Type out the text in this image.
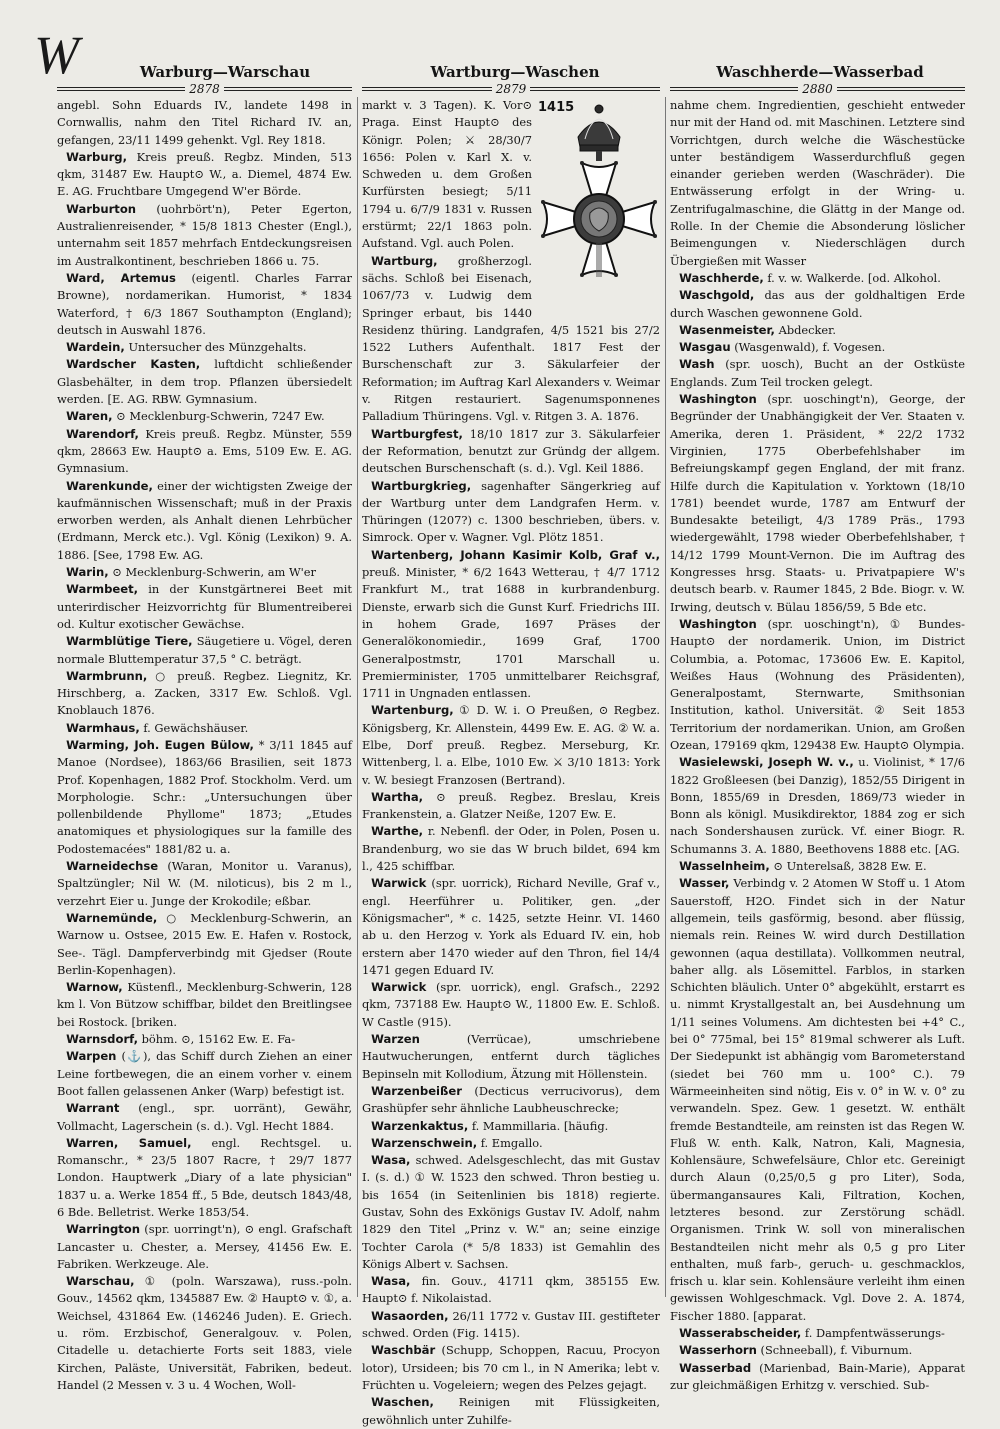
W	Warburg—Warschau	Wartburg—Waschen	Waschherde—Wasserbad
2878	2879	2880

angebl. Sohn Eduards IV., landete 1498 in Cornwallis, nahm den Titel Richard IV. an, gefangen, 23/11 1499 gehenkt. Vgl. Rey 1818.

Warburg, Kreis preuß. Regbz. Minden, 513 qkm, 31487 Ew. Haupt⊙ W., a. Diemel, 4874 Ew. E. AG. Fruchtbare Umgegend W'er Börde.

Warburton (uohrbört'n), Peter Egerton, Australienreisender, * 15/8 1813 Chester (Engl.), unternahm seit 1857 mehrfach Entdeckungsreisen im Australkontinent, beschrieben 1866 u. 75.

Ward, Artemus (eigentl. Charles Farrar Browne), nordamerikan. Humorist, * 1834 Waterford, † 6/3 1867 Southampton (England); deutsch in Auswahl 1876.

Wardein, Untersucher des Münzgehalts.

Wardscher Kasten, luftdicht schließender Glasbehälter, in dem trop. Pflanzen übersiedelt werden. [E. AG. RBW. Gymnasium.

Waren, ⊙ Mecklenburg-Schwerin, 7247 Ew.

Warendorf, Kreis preuß. Regbz. Münster, 559 qkm, 28663 Ew. Haupt⊙ a. Ems, 5109 Ew. E. AG. Gymnasium.

Warenkunde, einer der wichtigsten Zweige der kaufmännischen Wissenschaft; muß in der Praxis erworben werden, als Anhalt dienen Lehrbücher (Erdmann, Merck etc.). Vgl. König (Lexikon) 9. A. 1886. [See, 1798 Ew. AG.

Warin, ⊙ Mecklenburg-Schwerin, am W'er

Warmbeet, in der Kunstgärtnerei Beet mit unterirdischer Heizvorrichtg für Blumentreiberei od. Kultur exotischer Gewächse.

Warmblütige Tiere, Säugetiere u. Vögel, deren normale Bluttemperatur 37,5 ° C. beträgt.

Warmbrunn, ○ preuß. Regbez. Liegnitz, Kr. Hirschberg, a. Zacken, 3317 Ew. Schloß. Vgl. Knoblauch 1876.

Warmhaus, f. Gewächshäuser.

Warming, Joh. Eugen Bülow, * 3/11 1845 auf Manoe (Nordsee), 1863/66 Brasilien, seit 1873 Prof. Kopenhagen, 1882 Prof. Stockholm. Verd. um Morphologie. Schr.: „Untersuchungen über pollenbildende Phyllome" 1873; „Etudes anatomiques et physiologiques sur la famille des Podostemacées" 1881/82 u. a.

Warneidechse (Waran, Monitor u. Varanus), Spaltzüngler; Nil W. (M. niloticus), bis 2 m l., verzehrt Eier u. Junge der Krokodile; eßbar.

Warnemünde, ○ Mecklenburg-Schwerin, an Warnow u. Ostsee, 2015 Ew. E. Hafen v. Rostock, See-. Tägl. Dampferverbindg mit Gjedser (Route Berlin-Kopenhagen).

Warnow, Küstenfl., Mecklenburg-Schwerin, 128 km l. Von Bützow schiffbar, bildet den Breitlingsee bei Rostock. [briken.

Warnsdorf, böhm. ⊙, 15162 Ew. E. Fa-

Warpen (⚓), das Schiff durch Ziehen an einer Leine fortbewegen, die an einem vorher v. einem Boot fallen gelassenen Anker (Warp) befestigt ist.

Warrant (engl., spr. uorränt), Gewähr, Vollmacht, Lagerschein (s. d.). Vgl. Hecht 1884.

Warren, Samuel, engl. Rechtsgel. u. Romanschr., * 23/5 1807 Racre, † 29/7 1877 London. Hauptwerk „Diary of a late physician" 1837 u. a. Werke 1854 ff., 5 Bde, deutsch 1843/48, 6 Bde. Belletrist. Werke 1853/54.

Warrington (spr. uorringt'n), ⊙ engl. Grafschaft Lancaster u. Chester, a. Mersey, 41456 Ew. E. Fabriken. Werkzeuge. Ale.

Warschau, ① (poln. Warszawa), russ.-poln. Gouv., 14562 qkm, 1345887 Ew. ② Haupt⊙ v. ①, a. Weichsel, 431864 Ew. (146246 Juden). E. Griech. u. röm. Erzbischof, Generalgouv. v. Polen, Citadelle u. detachierte Forts seit 1883, viele Kirchen, Paläste, Universität, Fabriken, bedeut. Handel (2 Messen v. 3 u. 4 Wochen, Woll-

1415

markt v. 3 Tagen). K. Vor⊙ Praga. Einst Haupt⊙ des Königr. Polen; ⚔ 28/30/7 1656: Polen v. Karl X. v. Schweden u. dem Großen Kurfürsten besiegt; 5/11 1794 u. 6/7/9 1831 v. Russen erstürmt; 22/1 1863 poln. Aufstand. Vgl. auch Polen.

Wartburg, großherzogl. sächs. Schloß bei Eisenach, 1067/73 v. Ludwig dem Springer erbaut, bis 1440 Residenz thüring. Landgrafen, 4/5 1521 bis 27/2 1522 Luthers Aufenthalt. 1817 Fest der Burschenschaft zur 3. Säkularfeier der Reformation; im Auftrag Karl Alexanders v. Weimar v. Ritgen restauriert. Sagenumsponnenes Palladium Thüringens. Vgl. v. Ritgen 3. A. 1876.

Wartburgfest, 18/10 1817 zur 3. Säkularfeier der Reformation, benutzt zur Gründg der allgem. deutschen Burschenschaft (s. d.). Vgl. Keil 1886.

Wartburgkrieg, sagenhafter Sängerkrieg auf der Wartburg unter dem Landgrafen Herm. v. Thüringen (1207?) c. 1300 beschrieben, übers. v. Simrock. Oper v. Wagner. Vgl. Plötz 1851.

Wartenberg, Johann Kasimir Kolb, Graf v., preuß. Minister, * 6/2 1643 Wetterau, † 4/7 1712 Frankfurt M., trat 1688 in kurbrandenburg. Dienste, erwarb sich die Gunst Kurf. Friedrichs III. in hohem Grade, 1697 Präses der Generalökonomiedir., 1699 Graf, 1700 Generalpostmstr, 1701 Marschall u. Premierminister, 1705 unmittelbarer Reichsgraf, 1711 in Ungnaden entlassen.

Wartenburg, ① D. W. i. O Preußen, ⊙ Regbez. Königsberg, Kr. Allenstein, 4499 Ew. E. AG. ② W. a. Elbe, Dorf preuß. Regbez. Merseburg, Kr. Wittenberg, l. a. Elbe, 1010 Ew. ⚔ 3/10 1813: York v. W. besiegt Franzosen (Bertrand).

Wartha, ⊙ preuß. Regbez. Breslau, Kreis Frankenstein, a. Glatzer Neiße, 1207 Ew. E.

Warthe, r. Nebenfl. der Oder, in Polen, Posen u. Brandenburg, wo sie das W bruch bildet, 694 km l., 425 schiffbar.

Warwick (spr. uorrick), Richard Neville, Graf v., engl. Heerführer u. Politiker, gen. „der Königsmacher", * c. 1425, setzte Heinr. VI. 1460 ab u. den Herzog v. York als Eduard IV. ein, hob erstern aber 1470 wieder auf den Thron, fiel 14/4 1471 gegen Eduard IV.

Warwick (spr. uorrick), engl. Grafsch., 2292 qkm, 737188 Ew. Haupt⊙ W., 11800 Ew. E. Schloß. W Castle (915).

Warzen	(Verrücae), umschriebene Hautwucherungen, entfernt durch tägliches Bepinseln mit Kollodium, Ätzung mit Höllenstein.

Warzenbeißer (Decticus verrucivorus), dem Grashüpfer sehr ähnliche Laubheuschrecke;

Warzenkaktus, f. Mammillaria. [häufig.

Warzenschwein, f. Emgallo.

Wasa, schwed. Adelsgeschlecht, das mit Gustav I. (s. d.) ① W. 1523 den schwed. Thron bestieg u. bis 1654 (in Seitenlinien bis 1818) regierte. Gustav, Sohn des Exkönigs Gustav IV. Adolf, nahm 1829 den Titel „Prinz v. W." an; seine einzige Tochter Carola (* 5/8 1833) ist Gemahlin des Königs Albert v. Sachsen.

Wasa, fin. Gouv., 41711 qkm, 385155 Ew. Haupt⊙ f. Nikolaistad.

Wasaorden, 26/11 1772 v. Gustav III. gestifteter schwed. Orden (Fig. 1415).

Waschbär (Schupp, Schoppen, Racuu, Procyon lotor), Ursideen; bis 70 cm l., in N Amerika; lebt v. Früchten u. Vogeleiern; wegen des Pelzes gejagt.

Waschen, Reinigen mit Flüssigkeiten, gewöhnlich unter Zuhilfe-

nahme chem. Ingredientien, geschieht entweder nur mit der Hand od. mit Maschinen. Letztere sind Vorrichtgen, durch welche die Wäschestücke unter beständigem Wasserdurchfluß gegen einander gerieben werden (Waschräder). Die Entwässerung erfolgt in der Wring- u. Zentrifugalmaschine, die Glättg in der Mange od. Rolle. In der Chemie die Absonderung löslicher Beimengungen v. Niederschlägen durch Übergießen mit Wasser

Waschherde, f. v. w. Walkerde. [od. Alkohol.

Waschgold, das aus der goldhaltigen Erde durch Waschen gewonnene Gold.

Wasenmeister, Abdecker.

Wasgau (Wasgenwald), f. Vogesen.

Wash (spr. uosch), Bucht an der Ostküste Englands. Zum Teil trocken gelegt.

Washington (spr. uoschingt'n), George, der Begründer der Unabhängigkeit der Ver. Staaten v. Amerika, deren 1. Präsident, * 22/2 1732 Virginien, 1775 Oberbefehlshaber im Befreiungskampf gegen England, der mit franz. Hilfe durch die Kapitulation v. Yorktown (18/10 1781) beendet wurde, 1787 am Entwurf der Bundesakte beteiligt, 4/3 1789 Präs., 1793 wiedergewählt, 1798 wieder Oberbefehlshaber, † 14/12 1799 Mount-Vernon. Die im Auftrag des Kongresses hrsg. Staats- u. Privatpapiere W's deutsch bearb. v. Raumer 1845, 2 Bde. Biogr. v. W. Irwing, deutsch v. Bülau 1856/59, 5 Bde etc.

Washington (spr. uoschingt'n), ① Bundes-Haupt⊙ der nordamerik. Union, im District Columbia, a. Potomac, 173606 Ew. E. Kapitol, Weißes Haus (Wohnung des Präsidenten), Generalpostamt, Sternwarte, Smithsonian Institution, kathol. Universität. ② Seit 1853 Territorium der nordamerikan. Union, am Großen Ozean, 179169 qkm, 129438 Ew. Haupt⊙ Olympia.

Wasielewski, Joseph W. v., u. Violinist, * 17/6 1822 Großleesen (bei Danzig), 1852/55 Dirigent in Bonn, 1855/69 in Dresden, 1869/73 wieder in Bonn als königl. Musikdirektor, 1884 zog er sich nach Sondershausen zurück. Vf. einer Biogr. R. Schumanns 3. A. 1880, Beethovens 1888 etc. [AG.

Wasselnheim, ⊙ Unterelsaß, 3828 Ew. E.

Wasser, Verbindg v. 2 Atomen W Stoff u. 1 Atom Sauerstoff, H2O. Findet sich in der Natur allgemein, teils gasförmig, besond. aber flüssig, niemals rein. Reines W. wird durch Destillation gewonnen (aqua destillata). Vollkommen neutral, baher allg. als Lösemittel. Farblos, in starken Schichten bläulich. Unter 0° abgekühlt, erstarrt es u. nimmt Krystallgestalt an, bei Ausdehnung um 1/11 seines Volumens. Am dichtesten bei +4° C., bei 0° 775mal, bei 15° 819mal schwerer als Luft. Der Siedepunkt ist abhängig vom Barometerstand (siedet bei 760 mm u. 100° C.). 79 Wärmeeinheiten sind nötig, Eis v. 0° in W. v. 0° zu verwandeln. Spez. Gew. 1 gesetzt. W. enthält fremde Bestandteile, am reinsten ist das Regen W. Fluß W. enth. Kalk, Natron, Kali, Magnesia, Kohlensäure, Schwefelsäure, Chlor etc. Gereinigt durch Alaun (0,25/0,5 g pro Liter), Soda, übermangansaures Kali, Filtration, Kochen, letzteres besond. zur Zerstörung schädl. Organismen. Trink W. soll von mineralischen Bestandteilen nicht mehr als 0,5 g pro Liter enthalten, muß farb-, geruch- u. geschmacklos, frisch u. klar sein. Kohlensäure verleiht ihm einen gewissen Wohlgeschmack. Vgl. Dove 2. A. 1874, Fischer 1880. [apparat.

Wasserabscheider, f. Dampfentwässerungs-

Wasserhorn (Schneeball), f. Viburnum.

Wasserbad (Marienbad, Bain-Marie), Apparat zur gleichmäßigen Erhitzg v. verschied. Sub-
